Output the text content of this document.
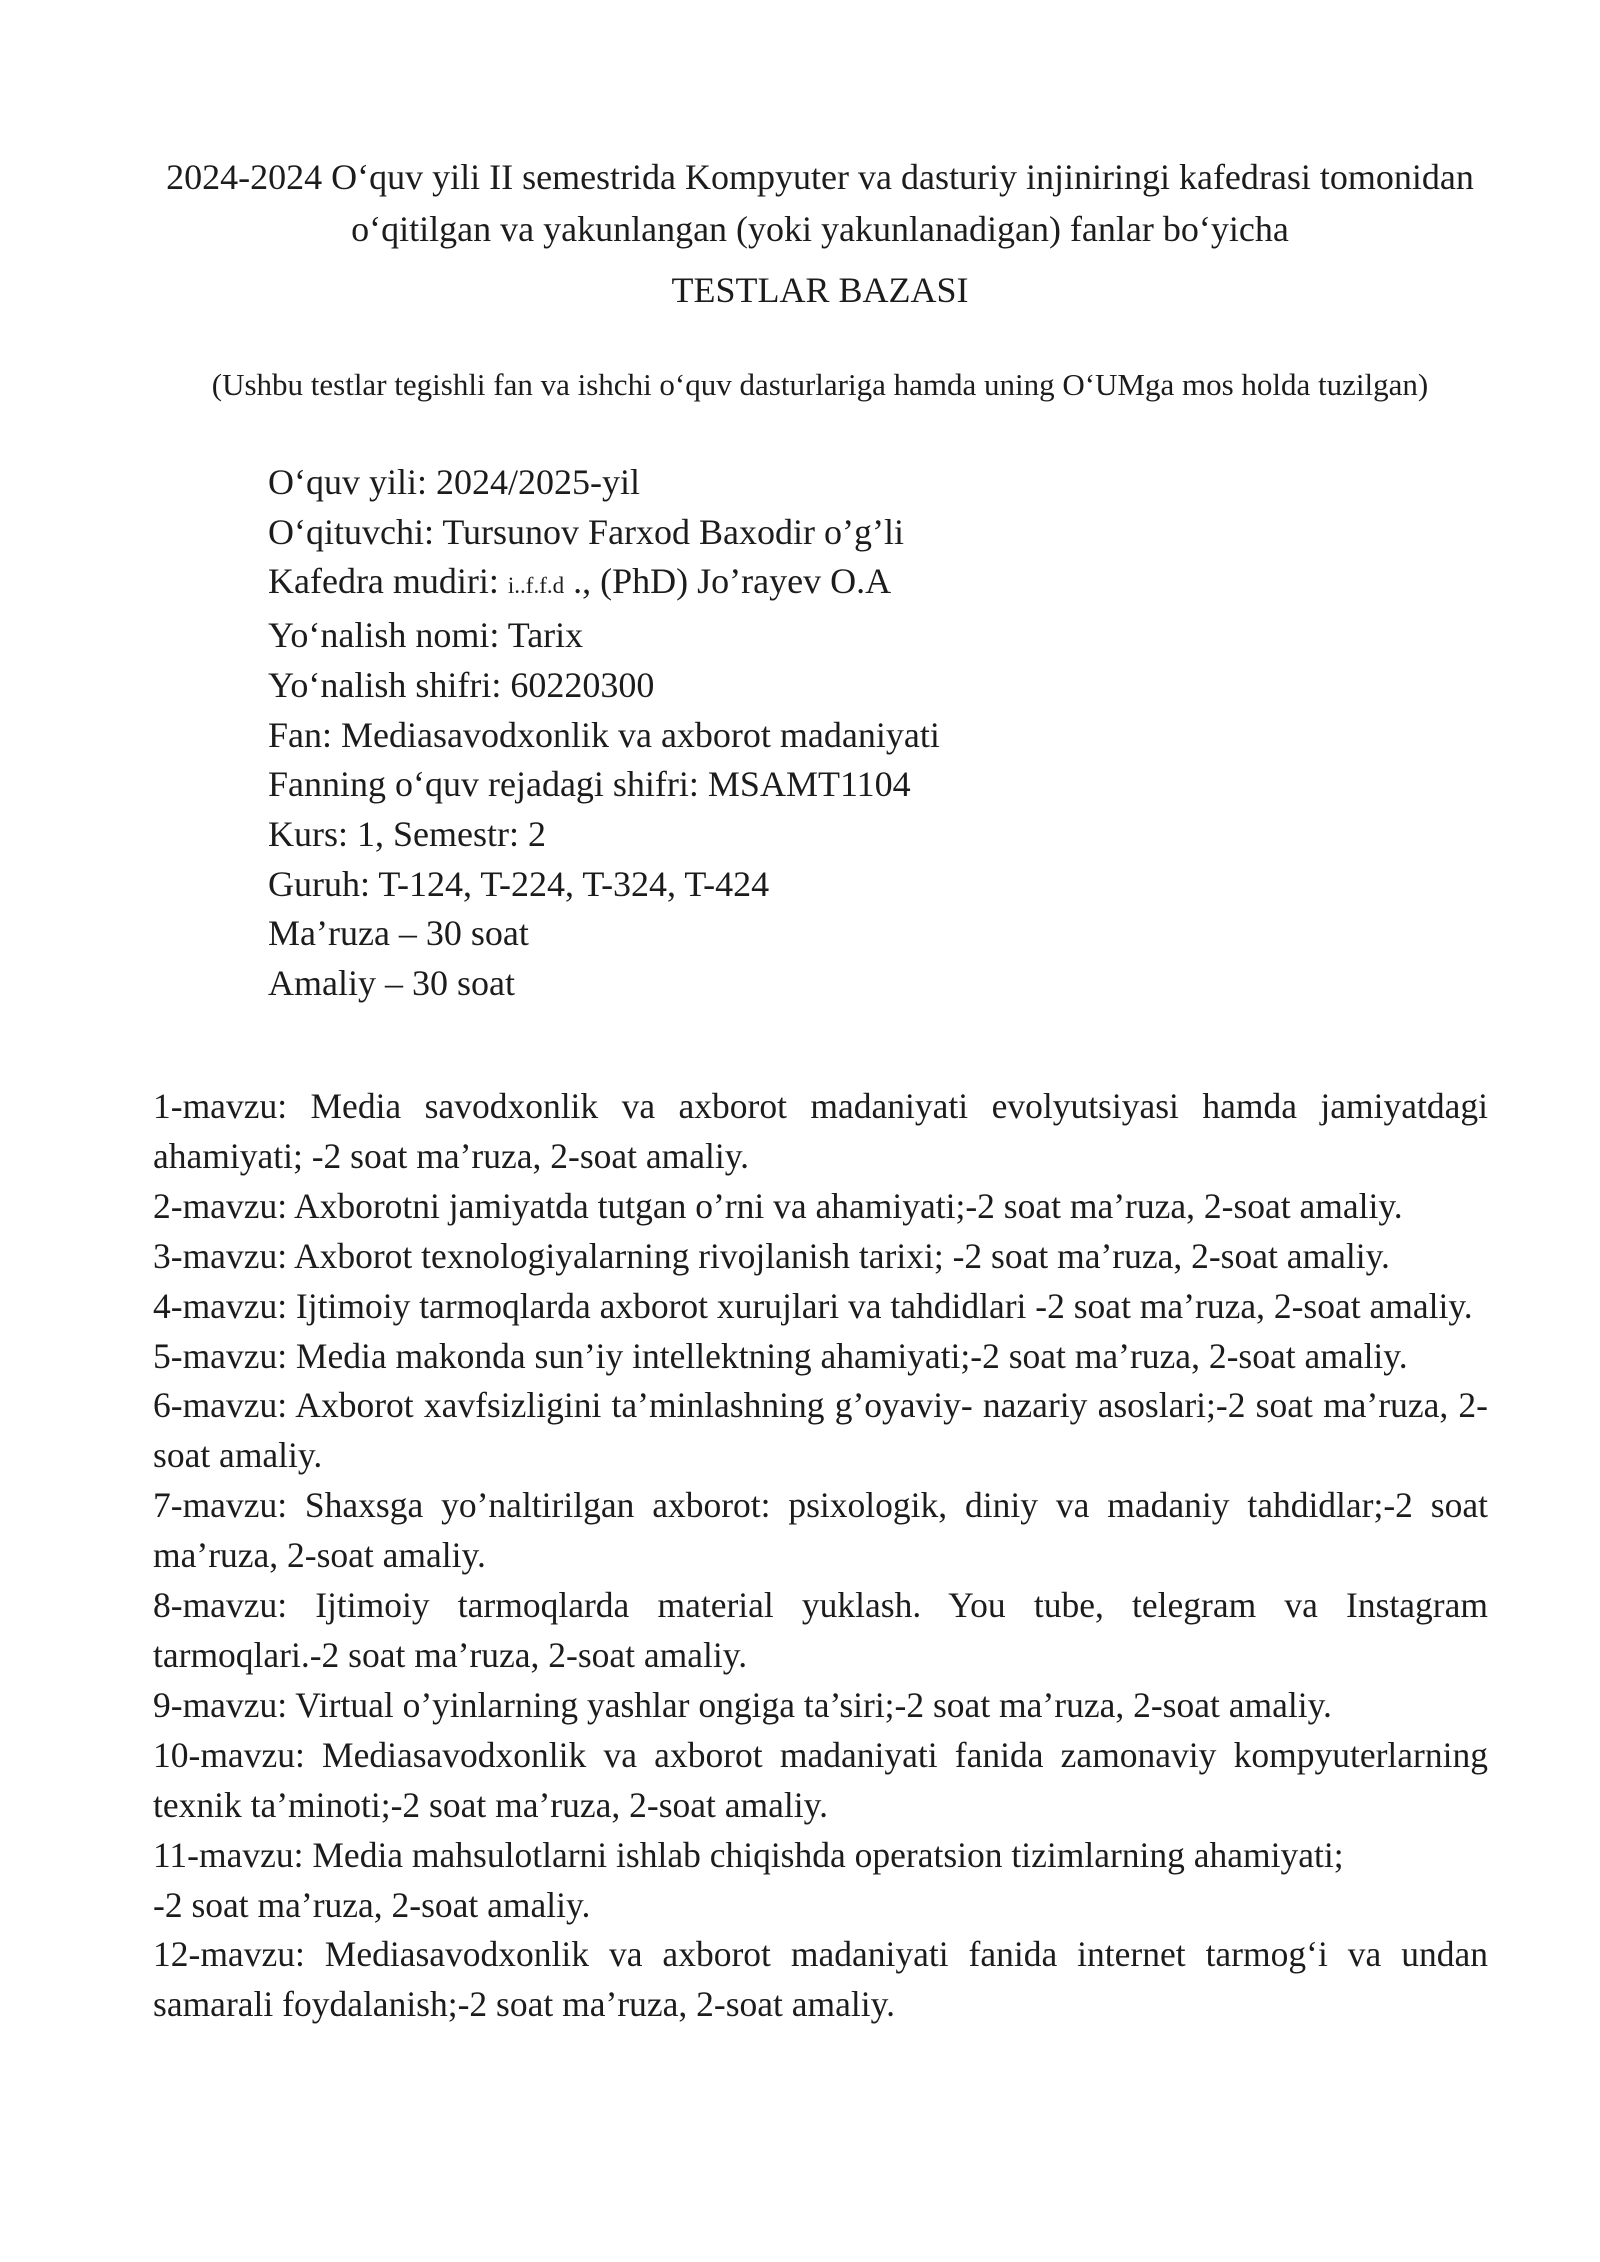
2024-2024 O‘quv yili II semestrida Kompyuter va dasturiy injiniringi kafedrasi tomonidan o‘qitilgan va yakunlangan (yoki yakunlanadigan) fanlar bo‘yicha
TESTLAR BAZASI
(Ushbu testlar tegishli fan va ishchi o‘quv dasturlariga hamda uning O‘UMga mos holda tuzilgan)
O‘quv yili: 2024/2025-yil
O‘qituvchi: Tursunov Farxod Baxodir o’g’li
Kafedra mudiri: i..f.f.d ., (PhD) Jo’rayev O.A
Yo‘nalish nomi: Tarix
Yo‘nalish shifri: 60220300
Fan: Mediasavodxonlik va axborot madaniyati
Fanning o‘quv rejadagi shifri: MSAMT1104
Kurs: 1, Semestr: 2
Guruh: T-124, T-224, T-324, T-424
Ma’ruza – 30 soat
Amaliy – 30 soat
1-mavzu: Media savodxonlik va axborot madaniyati evolyutsiyasi hamda jamiyatdagi ahamiyati; -2 soat ma’ruza, 2-soat amaliy.
2-mavzu: Axborotni jamiyatda tutgan o’rni va ahamiyati;-2 soat ma’ruza, 2-soat amaliy.
3-mavzu: Axborot texnologiyalarning rivojlanish tarixi; -2 soat ma’ruza, 2-soat amaliy.
4-mavzu: Ijtimoiy tarmoqlarda axborot xurujlari va tahdidlari -2 soat ma’ruza, 2-soat amaliy.
5-mavzu: Media makonda sun’iy intellektning ahamiyati;-2 soat ma’ruza, 2-soat amaliy.
6-mavzu: Axborot xavfsizligini ta’minlashning g’oyaviy- nazariy asoslari;-2 soat ma’ruza, 2-soat amaliy.
7-mavzu: Shaxsga yo’naltirilgan axborot: psixologik, diniy va madaniy tahdidlar;-2 soat ma’ruza, 2-soat amaliy.
8-mavzu: Ijtimoiy tarmoqlarda material yuklash. You tube, telegram va Instagram tarmoqlari.-2 soat ma’ruza, 2-soat amaliy.
9-mavzu: Virtual o’yinlarning yashlar ongiga ta’siri;-2 soat ma’ruza, 2-soat amaliy.
10-mavzu: Mediasavodxonlik va axborot madaniyati fanida zamonaviy kompyuterlarning texnik ta’minoti;-2 soat ma’ruza, 2-soat amaliy.
11-mavzu: Media mahsulotlarni ishlab chiqishda operatsion tizimlarning ahamiyati;
-2 soat ma’ruza, 2-soat amaliy.
12-mavzu: Mediasavodxonlik va axborot madaniyati fanida internet tarmog‘i va undan samarali foydalanish;-2 soat ma’ruza, 2-soat amaliy.
